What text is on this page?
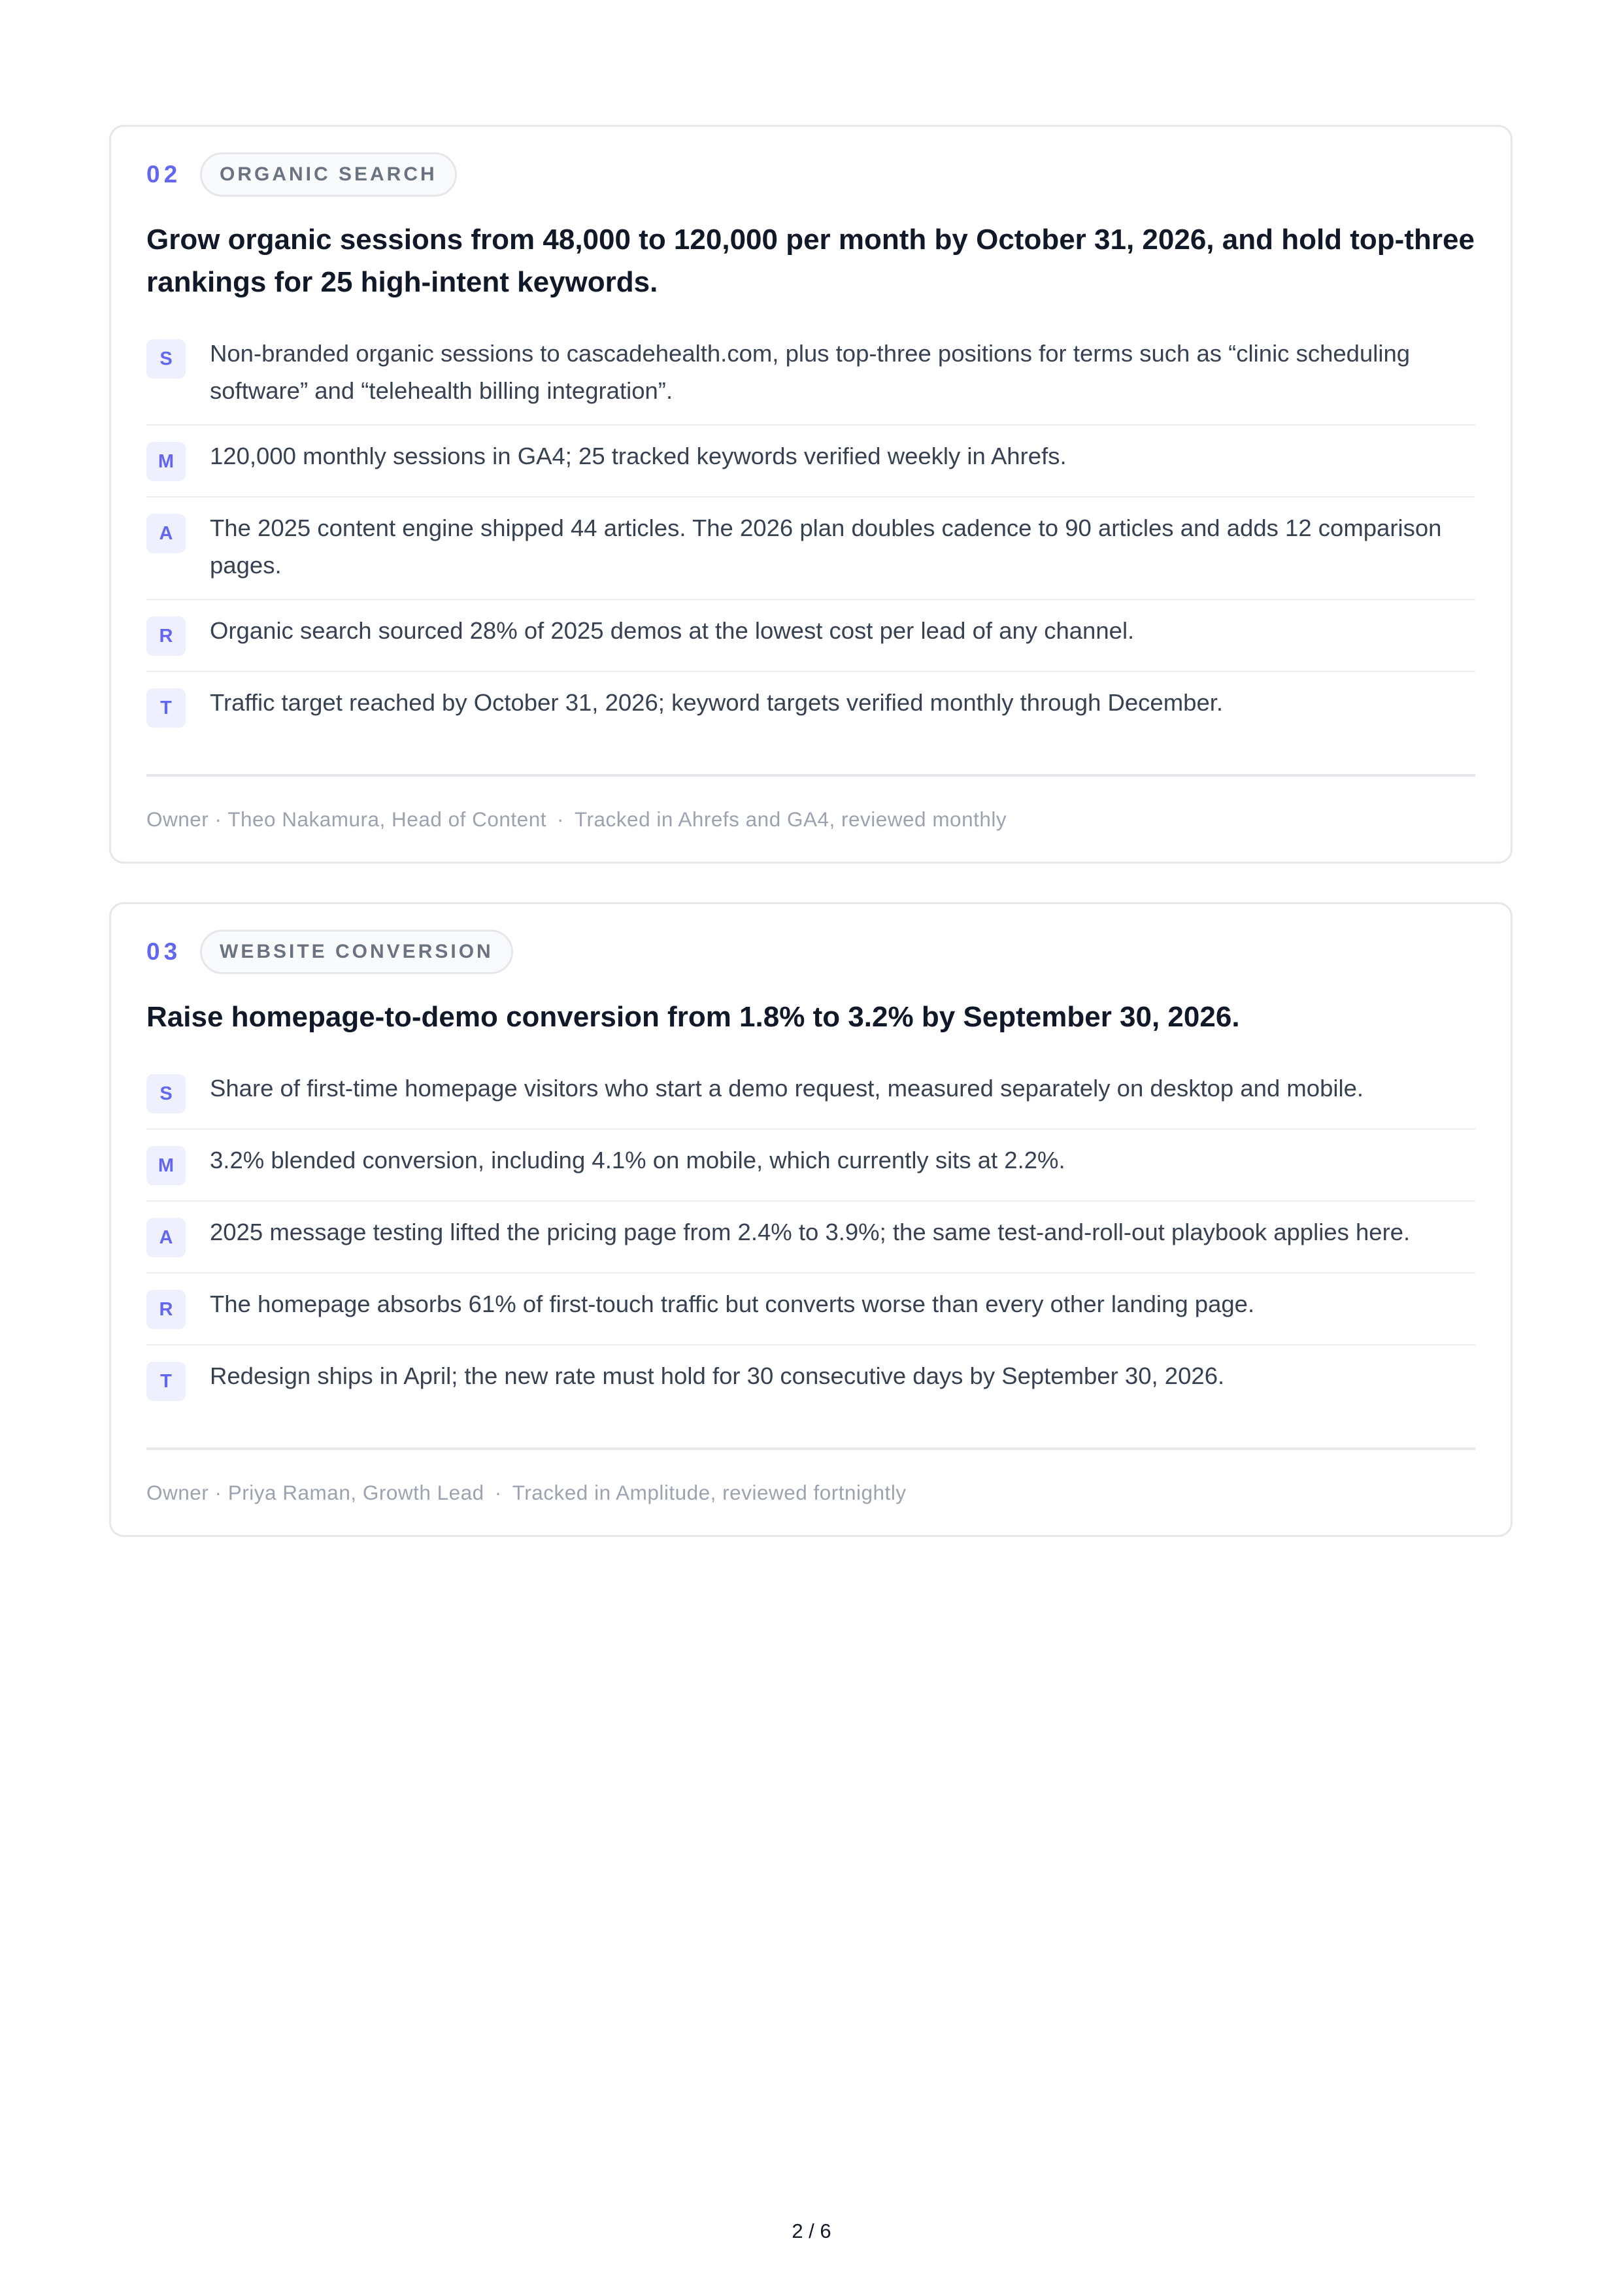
02	ORGANIC SEARCH
Grow organic sessions from 48,000 to 120,000 per month by October 31, 2026, and hold top-three rankings for 25 high-intent keywords.
S	Non-branded organic sessions to cascadehealth.com, plus top-three positions for terms such as “clinic scheduling software” and “telehealth billing integration”.
M	120,000 monthly sessions in GA4; 25 tracked keywords verified weekly in Ahrefs.
A	The 2025 content engine shipped 44 articles. The 2026 plan doubles cadence to 90 articles and adds 12 comparison pages.
R	Organic search sourced 28% of 2025 demos at the lowest cost per lead of any channel.
T	Traffic target reached by October 31, 2026; keyword targets verified monthly through December.
Owner · Theo Nakamura, Head of Content · Tracked in Ahrefs and GA4, reviewed monthly
03	WEBSITE CONVERSION
Raise homepage-to-demo conversion from 1.8% to 3.2% by September 30, 2026.
S	Share of first-time homepage visitors who start a demo request, measured separately on desktop and mobile.
M	3.2% blended conversion, including 4.1% on mobile, which currently sits at 2.2%.
A	2025 message testing lifted the pricing page from 2.4% to 3.9%; the same test-and-roll-out playbook applies here.
R	The homepage absorbs 61% of first-touch traffic but converts worse than every other landing page.
T	Redesign ships in April; the new rate must hold for 30 consecutive days by September 30, 2026.
Owner · Priya Raman, Growth Lead · Tracked in Amplitude, reviewed fortnightly
2 / 6
